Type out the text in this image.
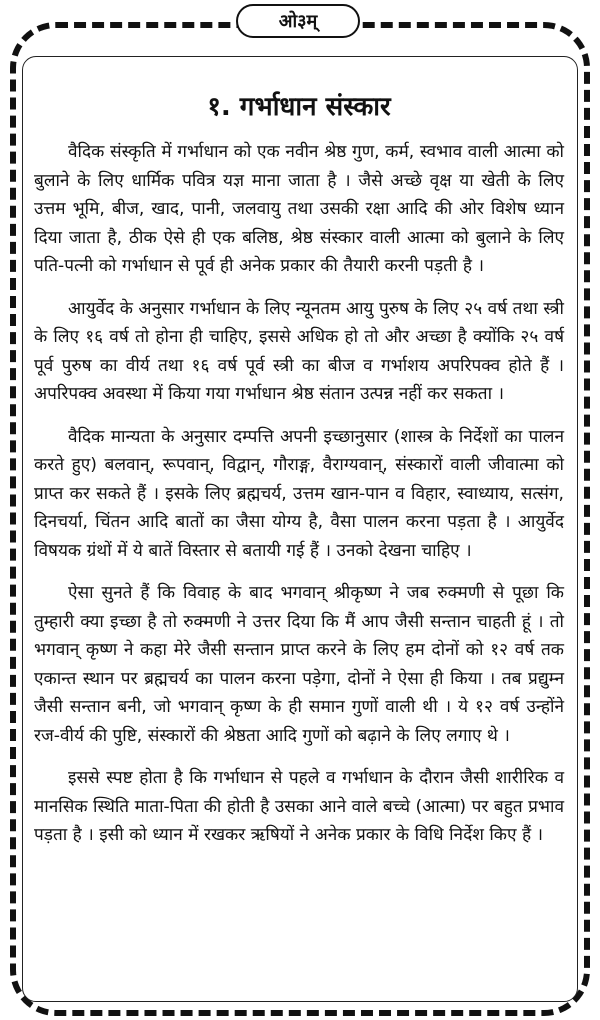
ओ३म्
१. गर्भाधान संस्कार

वैदिक संस्कृति में गर्भाधान को एक नवीन श्रेष्ठ गुण, कर्म, स्वभाव वाली आत्मा को बुलाने के लिए धार्मिक पवित्र यज्ञ माना जाता है । जैसे अच्छे वृक्ष या खेती के लिए उत्तम भूमि, बीज, खाद, पानी, जलवायु तथा उसकी रक्षा आदि की ओर विशेष ध्यान दिया जाता है, ठीक ऐसे ही एक बलिष्ठ, श्रेष्ठ संस्कार वाली आत्मा को बुलाने के लिए पति-पत्नी को गर्भाधान से पूर्व ही अनेक प्रकार की तैयारी करनी पड़ती है ।

आयुर्वेद के अनुसार गर्भाधान के लिए न्यूनतम आयु पुरुष के लिए २५ वर्ष तथा स्त्री के लिए १६ वर्ष तो होना ही चाहिए, इससे अधिक हो तो और अच्छा है क्योंकि २५ वर्ष पूर्व पुरुष का वीर्य तथा १६ वर्ष पूर्व स्त्री का बीज व गर्भाशय अपरिपक्व होते हैं । अपरिपक्व अवस्था में किया गया गर्भाधान श्रेष्ठ संतान उत्पन्न नहीं कर सकता ।

वैदिक मान्यता के अनुसार दम्पत्ति अपनी इच्छानुसार (शास्त्र के निर्देशों का पालन करते हुए) बलवान्, रूपवान्, विद्वान्, गौराङ्ग, वैराग्यवान्, संस्कारों वाली जीवात्मा को प्राप्त कर सकते हैं । इसके लिए ब्रह्मचर्य, उत्तम खान-पान व विहार, स्वाध्याय, सत्संग, दिनचर्या, चिंतन आदि बातों का जैसा योग्य है, वैसा पालन करना पड़ता है । आयुर्वेद विषयक ग्रंथों में ये बातें विस्तार से बतायी गई हैं । उनको देखना चाहिए ।

ऐसा सुनते हैं कि विवाह के बाद भगवान् श्रीकृष्ण ने जब रुक्मणी से पूछा कि तुम्हारी क्या इच्छा है तो रुक्मणी ने उत्तर दिया कि मैं आप जैसी सन्तान चाहती हूं । तो भगवान् कृष्ण ने कहा मेरे जैसी सन्तान प्राप्त करने के लिए हम दोनों को १२ वर्ष तक एकान्त स्थान पर ब्रह्मचर्य का पालन करना पड़ेगा, दोनों ने ऐसा ही किया । तब प्रद्युम्न जैसी सन्तान बनी, जो भगवान् कृष्ण के ही समान गुणों वाली थी । ये १२ वर्ष उन्होंने रज-वीर्य की पुष्टि, संस्कारों की श्रेष्ठता आदि गुणों को बढ़ाने के लिए लगाए थे ।

इससे स्पष्ट होता है कि गर्भाधान से पहले व गर्भाधान के दौरान जैसी शारीरिक व मानसिक स्थिति माता-पिता की होती है उसका आने वाले बच्चे (आत्मा) पर बहुत प्रभाव पड़ता है । इसी को ध्यान में रखकर ऋषियों ने अनेक प्रकार के विधि निर्देश किए हैं ।
